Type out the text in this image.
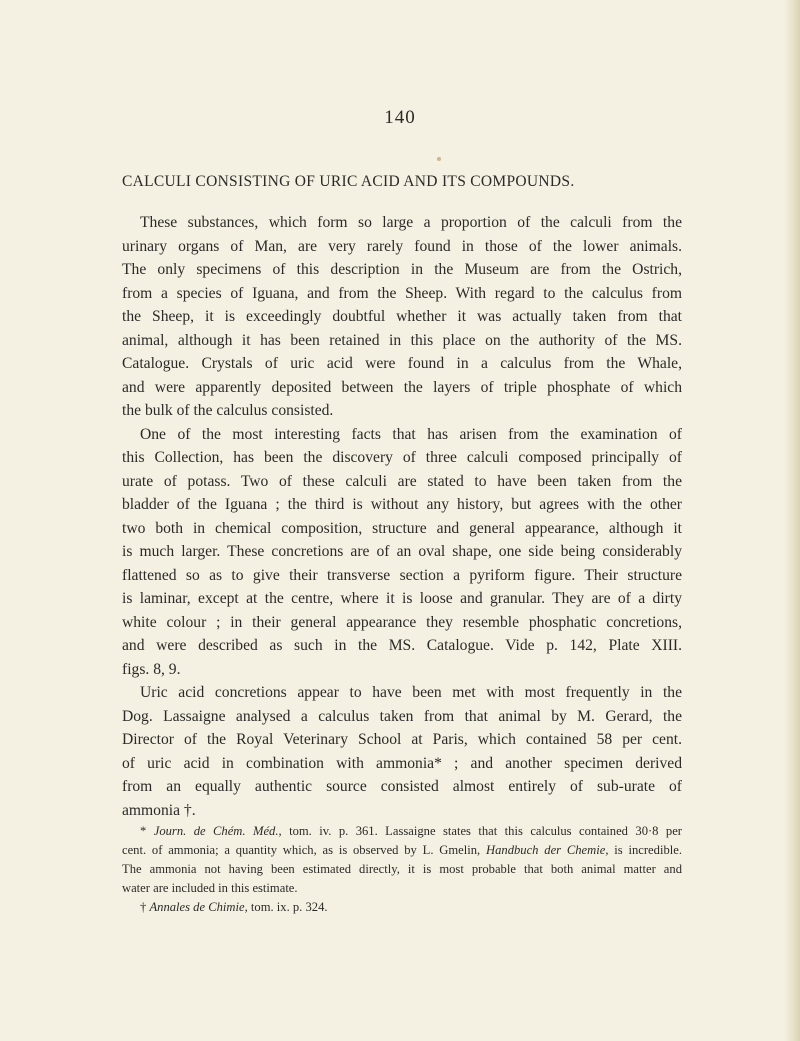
140
CALCULI CONSISTING OF URIC ACID AND ITS COMPOUNDS.
These substances, which form so large a proportion of the calculi from the
urinary organs of Man, are very rarely found in those of the lower animals.
The only specimens of this description in the Museum are from the Ostrich,
from a species of Iguana, and from the Sheep. With regard to the calculus from
the Sheep, it is exceedingly doubtful whether it was actually taken from that
animal, although it has been retained in this place on the authority of the MS.
Catalogue. Crystals of uric acid were found in a calculus from the Whale,
and were apparently deposited between the layers of triple phosphate of which
the bulk of the calculus consisted.
One of the most interesting facts that has arisen from the examination of
this Collection, has been the discovery of three calculi composed principally of
urate of potass. Two of these calculi are stated to have been taken from the
bladder of the Iguana ; the third is without any history, but agrees with the other
two both in chemical composition, structure and general appearance, although it
is much larger. These concretions are of an oval shape, one side being considerably
flattened so as to give their transverse section a pyriform figure. Their structure
is laminar, except at the centre, where it is loose and granular. They are of a dirty
white colour ; in their general appearance they resemble phosphatic concretions,
and were described as such in the MS. Catalogue. Vide p. 142, Plate XIII.
figs. 8, 9.
Uric acid concretions appear to have been met with most frequently in the
Dog. Lassaigne analysed a calculus taken from that animal by M. Gerard, the
Director of the Royal Veterinary School at Paris, which contained 58 per cent.
of uric acid in combination with ammonia* ; and another specimen derived
from an equally authentic source consisted almost entirely of sub-urate of
ammonia †.
* Journ. de Chém. Méd., tom. iv. p. 361. Lassaigne states that this calculus contained 30·8 per
cent. of ammonia; a quantity which, as is observed by L. Gmelin, Handbuch der Chemie, is incredible.
The ammonia not having been estimated directly, it is most probable that both animal matter and
water are included in this estimate.
† Annales de Chimie, tom. ix. p. 324.
